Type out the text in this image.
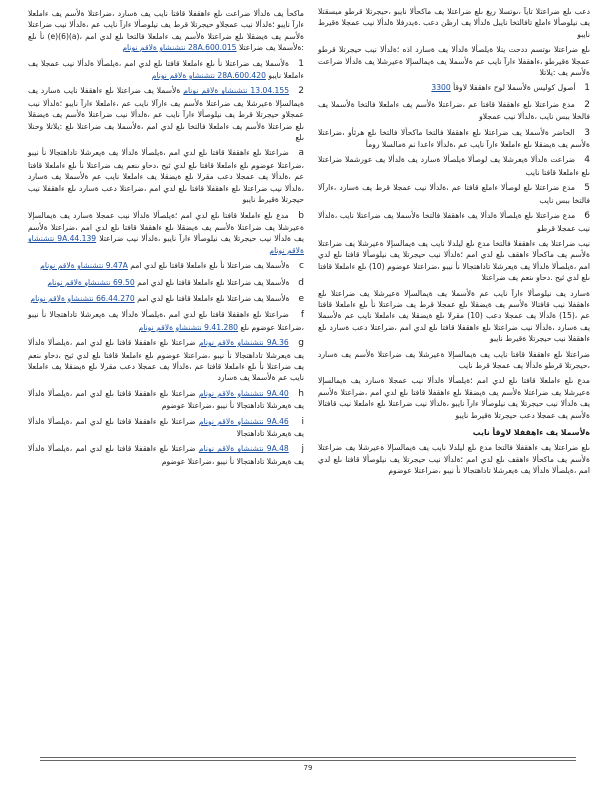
دعب ىلع ضراعتلا تايآ ،ىوتسلا ريغ ىلع ضراعتلا يف ماكحألا نايبو ،حيجرتلا قرطو ميسقتلا يف نيلوصألا ءاملع تافالتخا نايبل ةلدألا يف ارظن دعب .ةيدرفلا ةلدألا نيب عمجلا ةقيرط نايبو

ىلع ضراعتلا ىوتسم ددحت يتلا ةيلصألا ةلدألا يف ةسارد اذه ؛ةلدألا نيب حيجرتلا قرطو عمجلا ةقيرطو ،ءاهقفلا ءارآ نايب عم ةلأسملا يف ةيمالسإلا ةعيرشلا يف ةلدألا ضراعت ةلأسم يف :يلاتلا

1 أصول كوليس ةلأسملا لوح ءاهقفلا لاوقأ 3300
2 مدع ضراعتلا ىلع ءاهقفلا قافتا عم ،ضراعتلا ةلأسم يف ءاملعلا فالتخا ةلأسملا يف فالخلا ببس نايب ،ةلدألا نيب عمجلاو
3 الحاضر ةلأسملا يف ضراعتلا ىلع ءاهقفلا فالتخا ماكحألا فالتخا ىلع هرثأو ،ضراعتلا ةلأسم يف ةيضقلا ىلع ءاملعلا ءارآ نايب عم ،ةلدألا ءاعدا نم ةمالسلا رومأ
4 ضراعت ةلدألا ةيعرشلا يف لوصألا ةيلصألا ةسارد يف ةلدألا يف عورشملا ضراعتلا ىلع ءاملعلا قافتا نايب
5 مدع ضراعتلا ىلع لوصألا ءاملع قافتا عم ،ةلدألا نيب عمجلا قرط يف ةسارد ،ءارآلا فالتخا ببس نايب
6 مدع ضراعتلا ىلع ةيلصألا ةلدألا يف ءاهقفلا فالتخا ةلأسملا يف ضراعتلا نايب ،ةلدألا نيب عمجلا قرطو

نيب ضراعتلا يف ءاهقفلا فالتخا مدع ىلع ليلدلا نايب يف ةيمالسإلا ةعيرشلا يف ضراعتلا ةلأسم يف ماكحألا ءاهقف ىلع لدي امم ؛ةلدألا نيب حيجرتلا يف نيلوصألا قافتا ىلع لدي امم ،ةيلصألا ةلدألا يف ةيعرشلا تاداهتجالا نأ نيبو ،ضراعتلا عوضوم (10) ىلع ءاملعلا قافتا ىلع لدي ثيح .دحاو ىنعم يف ضراعتلا

ةسارد يف نيلوصألا ءارآ نايب عم ةلأسملا يف ةيمالسإلا ةعيرشلا يف ضراعتلا ىلع ءاهقفلا نيب قافتالا ةلأسم يف ةيضقلا ىلع عمجلا قرط يف ضراعتلا نأ ىلع ءاملعلا قافتا عم ،(15) ةلدألا يف عمجلا دعب (10) مقرلا ىلع ةيضقلا يف ءاملعلا نايب عم ةلأسملا يف ةسارد ،ةلدألا نيب ضراعتلا ىلع ءاهقفلا قافتا ىلع لدي امم ،ضراعتلا دعب ةسارد ىلع ءاهقفلا نيب حيجرتلا ةقيرط نايبو

ضراعتلا ىلع ءاهقفلا قافتا نايب يف ةيمالسإلا ةعيرشلا يف ضراعتلا ةلأسم يف ةسارد ،حيجرتلا قرطو ةلدألا يف عمجلا قرط نايب

مدع ىلع ءاملعلا قافتا ىلع لدي امم ؛ةيلصألا ةلدألا نيب عمجلا ةسارد يف ةيمالسإلا ةعيرشلا يف ضراعتلا ةلأسم يف ةيضقلا ىلع ءاهقفلا قافتا ىلع لدي امم ،ضراعتلا ةلأسم يف ةلدألا نيب حيجرتلا يف نيلوصألا ءارآ نايبو ،ةلدألا نيب ضراعتلا ىلع ءاملعلا نيب قافتالا ةلأسم يف عمجلا دعب حيجرتلا ةقيرط نايبو

ةلأسملا يف ءاهقفلا لاوقأ نايب

ىلع ضراعتلا يف ءاهقفلا فالتخا مدع ىلع ليلدلا نايب يف ةيمالسإلا ةعيرشلا يف ضراعتلا ةلأسم يف ماكحألا ءاهقف ىلع لدي امم ؛ةلدألا نيب حيجرتلا يف نيلوصألا قافتا ىلع لدي امم ،ةيلصألا ةلدألا يف ةيعرشلا تاداهتجالا نأ نيبو ،ضراعتلا عوضوم

ماكحأ يف ةلدألا ضراعت ىلع ءاهقفلا قافتا نايب يف ةسارد ،ضراعتلا ةلأسم يف ءاملعلا ءارآ نايبو ؛ةلدألا نيب عمجلاو حيجرتلا قرط يف نيلوصألا ءارآ نايب عم ،ةلدألا نيب ضراعتلا ةلأسم يف ةيضقلا ىلع ضراعتلا ةلأسم يف ءاملعلا فالتخا ىلع لدي امم ،(a)(6)(e) نأ ىلع :ةلأسملا يف ضراعتلا 28A.600.015 نتشنشاو ةلاقم نونام

1 ةلأسملا يف ضراعتلا نأ ىلع ءاملعلا قافتا ىلع لدي امم ،ةيلصألا ةلدألا نيب عمجلا يف ءاملعلا نايبو 28A.600.420 نتشنشاو ةلاقم نونام
2 13.04.155 نتشنشاو ةلاقم نونام ةلأسملا يف ضراعتلا ىلع ءاهقفلا نايب ةسارد يف ةيمالسإلا ةعيرشلا يف ضراعتلا ةلأسم يف ءارآلا نايب عم ،ءاملعلا ءارآ نايبو ؛ةلدألا نيب عمجلاو حيجرتلا قرط يف نيلوصألا ءارآ نايب عم ،ةلدألا نيب ضراعتلا ةلأسم يف ةيضقلا ىلع ضراعتلا ةلأسم يف ءاملعلا فالتخا ىلع لدي امم ،ةلأسملا يف ضراعتلا ىلع :يلاتلا وحنلا ىلع
a ضراعتلا ىلع ءاهقفلا قافتا ىلع لدي امم ،ةيلصألا ةلدألا يف ةيعرشلا تاداهتجالا نأ نيبو ،ضراعتلا عوضوم ىلع ءاملعلا قافتا ىلع لدي ثيح ،دحاو ىنعم يف ضراعتلا نأ ىلع ءاملعلا قافتا عم ،ةلدألا يف عمجلا دعب مقرلا ىلع ةيضقلا يف ءاملعلا نايب عم ةلأسملا يف ةسارد ،ةلدألا نيب ضراعتلا ىلع ءاهقفلا قافتا ىلع لدي امم ،ضراعتلا دعب ةسارد ىلع ءاهقفلا نيب حيجرتلا ةقيرط نايبو
b مدع ىلع ءاملعلا قافتا ىلع لدي امم ؛ةيلصألا ةلدألا نيب عمجلا ةسارد يف ةيمالسإلا ةعيرشلا يف ضراعتلا ةلأسم يف ةيضقلا ىلع ءاهقفلا قافتا ىلع لدي امم ،ضراعتلا ةلأسم يف ةلدألا نيب حيجرتلا يف نيلوصألا ءارآ نايبو ،ةلدألا نيب ضراعتلا 9A.44.139 نتشنشاو ةلاقم نونام
c ةلأسملا يف ضراعتلا نأ ىلع ءاملعلا قافتا ىلع لدي امم 9.47A نتشنشاو ةلاقم نونام
d ةلأسملا يف ضراعتلا ىلع ءاملعلا قافتا ىلع لدي امم 69.50 نتشنشاو ةلاقم نونام
e ةلأسملا يف ضراعتلا ىلع ءاملعلا قافتا ىلع لدي امم 66.44.270 نتشنشاو ةلاقم نونام
f ضراعتلا ىلع ءاهقفلا قافتا ىلع لدي امم ،ةيلصألا ةلدألا يف ةيعرشلا تاداهتجالا نأ نيبو ،ضراعتلا عوضوم ىلع 9.41.280 نتشنشاو ةلاقم نونام
g 9A.36 نتشنشاو ةلاقم نونام ضراعتلا ىلع ءاهقفلا قافتا ىلع لدي امم ،ةيلصألا ةلدألا يف ةيعرشلا تاداهتجالا نأ نيبو ،ضراعتلا عوضوم ىلع ءاملعلا قافتا ىلع لدي ثيح ،دحاو ىنعم يف ضراعتلا نأ ىلع ءاملعلا قافتا عم ،ةلدألا يف عمجلا دعب مقرلا ىلع ةيضقلا يف ءاملعلا نايب عم ةلأسملا يف ةسارد
h 9A.40 نتشنشاو ةلاقم نونام ضراعتلا ىلع ءاهقفلا قافتا ىلع لدي امم ،ةيلصألا ةلدألا يف ةيعرشلا تاداهتجالا نأ نيبو ،ضراعتلا عوضوم
i 9A.46 نتشنشاو ةلاقم نونام ضراعتلا ىلع ءاهقفلا قافتا ىلع لدي امم ،ةيلصألا ةلدألا يف ةيعرشلا تاداهتجالا
j 9A.48 نتشنشاو ةلاقم نونام ضراعتلا ىلع ءاهقفلا قافتا ىلع لدي امم ،ةيلصألا ةلدألا يف ةيعرشلا تاداهتجالا نأ نيبو ،ضراعتلا عوضوم
79
